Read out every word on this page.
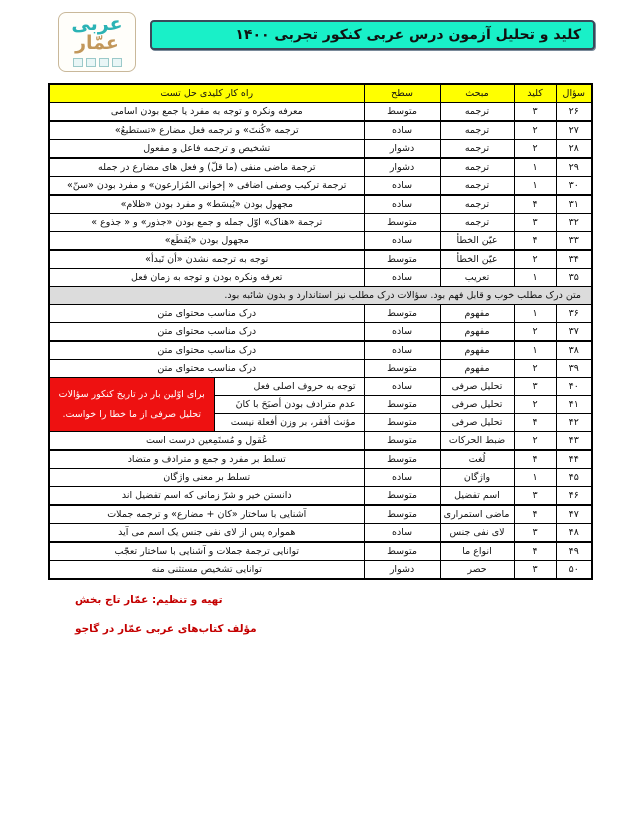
عربی
عمّار	کلید و تحلیل آزمون درس عربی کنکور تجربی ۱۴۰۰
سؤال	کلید	مبحث	سطح	راه کار کلیدی حل تست	
۲۶	۳	ترجمه	متوسط	معرفه ونکره و توجه به مفرد یا جمع بودن اسامی	
۲۷	۲	ترجمه	ساده	ترجمه «کُنتَ» و ترجمه فعل مضارع «تستطیعُ»	
۲۸	۲	ترجمه	دشوار	تشخیص و ترجمه فاعل و مفعول	
۲۹	۱	ترجمه	دشوار	ترجمة ماضی منفی (ما قلّ) و فعل های مضارع در جمله	
۳۰	۱	ترجمه	ساده	ترجمة ترکیب وصفی اضافی « إخوانی المُزارعون» و مفرد بودن «سنّ»	
۳۱	۴	ترجمه	ساده	مجهول بودن «یُبسَط» و مفرد بودن «ظلام»	
۳۲	۳	ترجمه	متوسط	ترجمة «هناک» اوّل جمله و جمع بودن «جذور» و « جذوع »	
۳۳	۴	عیّن الخطأ	ساده	مجهول بودن «یُقطَع»	
۳۴	۲	عیّن الخطأ	متوسط	توجه به ترجمه نشدن «أن تَبدأ»	
۳۵	۱	تعریب	ساده	تعرفه ونکره بودن و توجه به زمان فعل	
متن درک مطلب خوب و قابل فهم بود. سؤالات درک مطلب نیز استاندارد و بدون شائبه بود.					
۳۶	۱	مفهوم	متوسط	درک مناسب محتوای متن	
۳۷	۲	مفهوم	ساده	درک مناسب محتوای متن	
۳۸	۱	مفهوم	ساده	درک مناسب محتوای متن	
۳۹	۲	مفهوم	متوسط	درک مناسب محتوای متن	
۴۰	۳	تحلیل صرفی	ساده	توجه به حروف اصلی فعل	برای اوّلین بار در تاریخ کنکور سؤالات تحلیل صرفی از ما خطا را خواست.
۴۱	۲	تحلیل صرفی	متوسط	عدم مترادف بودن أصبَحَ با کانَ	
۴۲	۴	تحلیل صرفی	متوسط	مؤنث أفقر، بر وزن أفعلة نیست	
۴۳	۲	ضبط الحرکات	متوسط	عُقول و مُستَمِعین درست است	
۴۴	۴	لُغت	متوسط	تسلط بر مفرد و جمع و مترادف و متضاد	
۴۵	۱	واژگان	ساده	تسلط بر معنی واژگان	
۴۶	۳	اسم تفضیل	متوسط	دانستن خیر و شرّ زمانی که اسم تفضیل اند	
۴۷	۴	ماضی استمراری	متوسط	آشنایی با ساختار «کان + مضارع» و ترجمه جملات	
۴۸	۳	لای نفی جنس	ساده	همواره پس از لای نفی جنس یک اسم می آید	
۴۹	۴	انواع ما	متوسط	توانایی ترجمة جملات و آشنایی با ساختار تعجّب	
۵۰	۳	حصر	دشوار	توانایی تشخیص مستثنی منه	
تهیه و تنظیم: عمّار تاج بخش
مؤلف کتاب‌های عربی عمّار در گاجو
